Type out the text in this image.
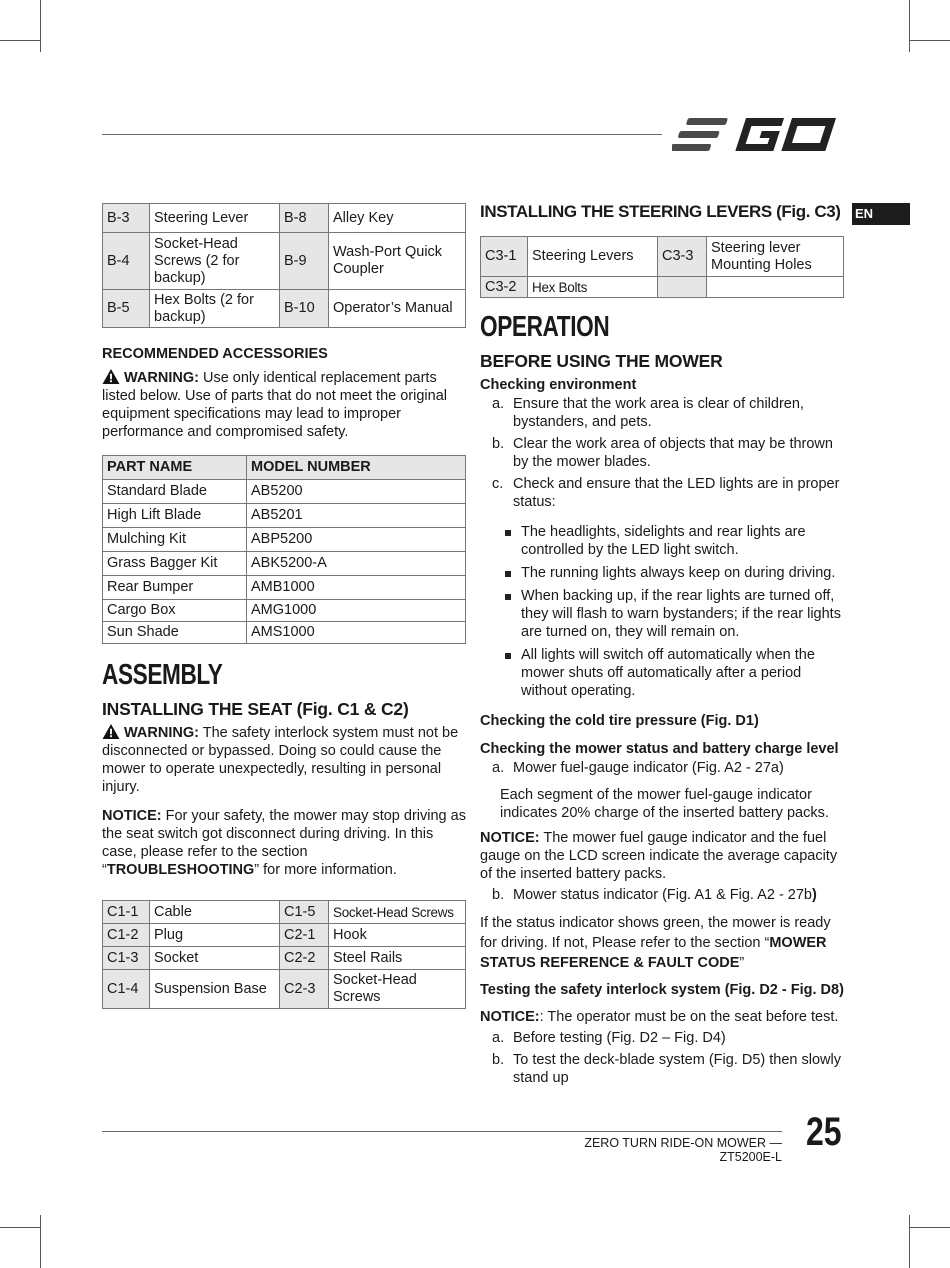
EN
B-3	Steering Lever	B-8	Alley Key
B-4	Socket-Head Screws (2 for backup)	B-9	Wash-Port Quick Coupler
B-5	Hex Bolts (2 for backup)	B-10	Operator’s Manual

RECOMMENDED ACCESSORIES

WARNING: Use only identical replacement parts listed below. Use of parts that do not meet the original equipment specifications may lead to improper performance and compromised safety.

PART NAME	MODEL NUMBER
Standard Blade	AB5200
High Lift Blade	AB5201
Mulching Kit	ABP5200
Grass Bagger Kit	ABK5200-A
Rear Bumper	AMB1000
Cargo Box	AMG1000
Sun Shade	AMS1000

ASSEMBLY

INSTALLING THE SEAT (Fig. C1 & C2)

WARNING: The safety interlock system must not be disconnected or bypassed. Doing so could cause the mower to operate unexpectedly, resulting in personal injury.

NOTICE: For your safety, the mower may stop driving as the seat switch got disconnect during driving. In this case, please refer to the section “TROUBLESHOOTING” for more information.

C1-1	Cable	C1-5	Socket-Head Screws
C1-2	Plug	C2-1	Hook
C1-3	Socket	C2-2	Steel Rails
C1-4	Suspension Base	C2-3	Socket-Head Screws

INSTALLING THE STEERING LEVERS (Fig. C3)

C3-1	Steering Levers	C3-3	Steering lever Mounting Holes
C3-2	Hex Bolts		

OPERATION

BEFORE USING THE MOWER

Checking environment

a. Ensure that the work area is clear of children, bystanders, and pets.
b. Clear the work area of objects that may be thrown by the mower blades.
c. Check and ensure that the LED lights are in proper status:
The headlights, sidelights and rear lights are controlled by the LED light switch.
The running lights always keep on during driving.
When backing up, if the rear lights are turned off, they will flash to warn bystanders; if the rear lights are turned on, they will remain on.
All lights will switch off automatically when the mower shuts off automatically after a period without operating.

Checking the cold tire pressure (Fig. D1)

Checking the mower status and battery charge level

a. Mower fuel-gauge indicator (Fig. A2 - 27a)

Each segment of the mower fuel-gauge indicator indicates 20% charge of the inserted battery packs.

NOTICE: The mower fuel gauge indicator and the fuel gauge on the LCD screen indicate the average capacity of the inserted battery packs.

b. Mower status indicator (Fig. A1 & Fig. A2 - 27b)

If the status indicator shows green, the mower is ready for driving. If not, Please refer to the section “MOWER STATUS REFERENCE & FAULT CODE”

Testing the safety interlock system (Fig. D2 - Fig. D8)

NOTICE:: The operator must be on the seat before test.

a. Before testing (Fig. D2 – Fig. D4)
b. To test the deck-blade system (Fig. D5) then slowly stand up
ZERO TURN RIDE-ON MOWER — ZT5200E-L
25
